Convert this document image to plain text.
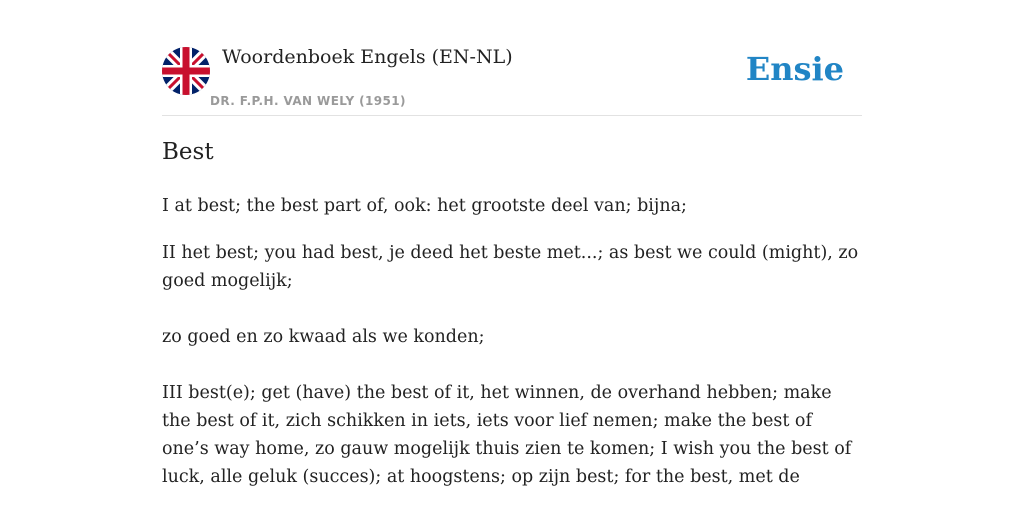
Woordenboek Engels (EN-NL)
DR. F.P.H. VAN WELY (1951)
Ensie
Best
I at best; the best part of, ook: het grootste deel van; bijna;
II het best; you had best, je deed het beste met...; as best we could (might), zo goed mogelijk;
zo goed en zo kwaad als we konden;
III best(e); get (have) the best of it, het winnen, de overhand hebben; make the best of it, zich schikken in iets, iets voor lief nemen; make the best of one’s way home, zo gauw mogelijk thuis zien te komen; I wish you the best of luck, alle geluk (succes); at hoogstens; op zijn best; for the best, met de
